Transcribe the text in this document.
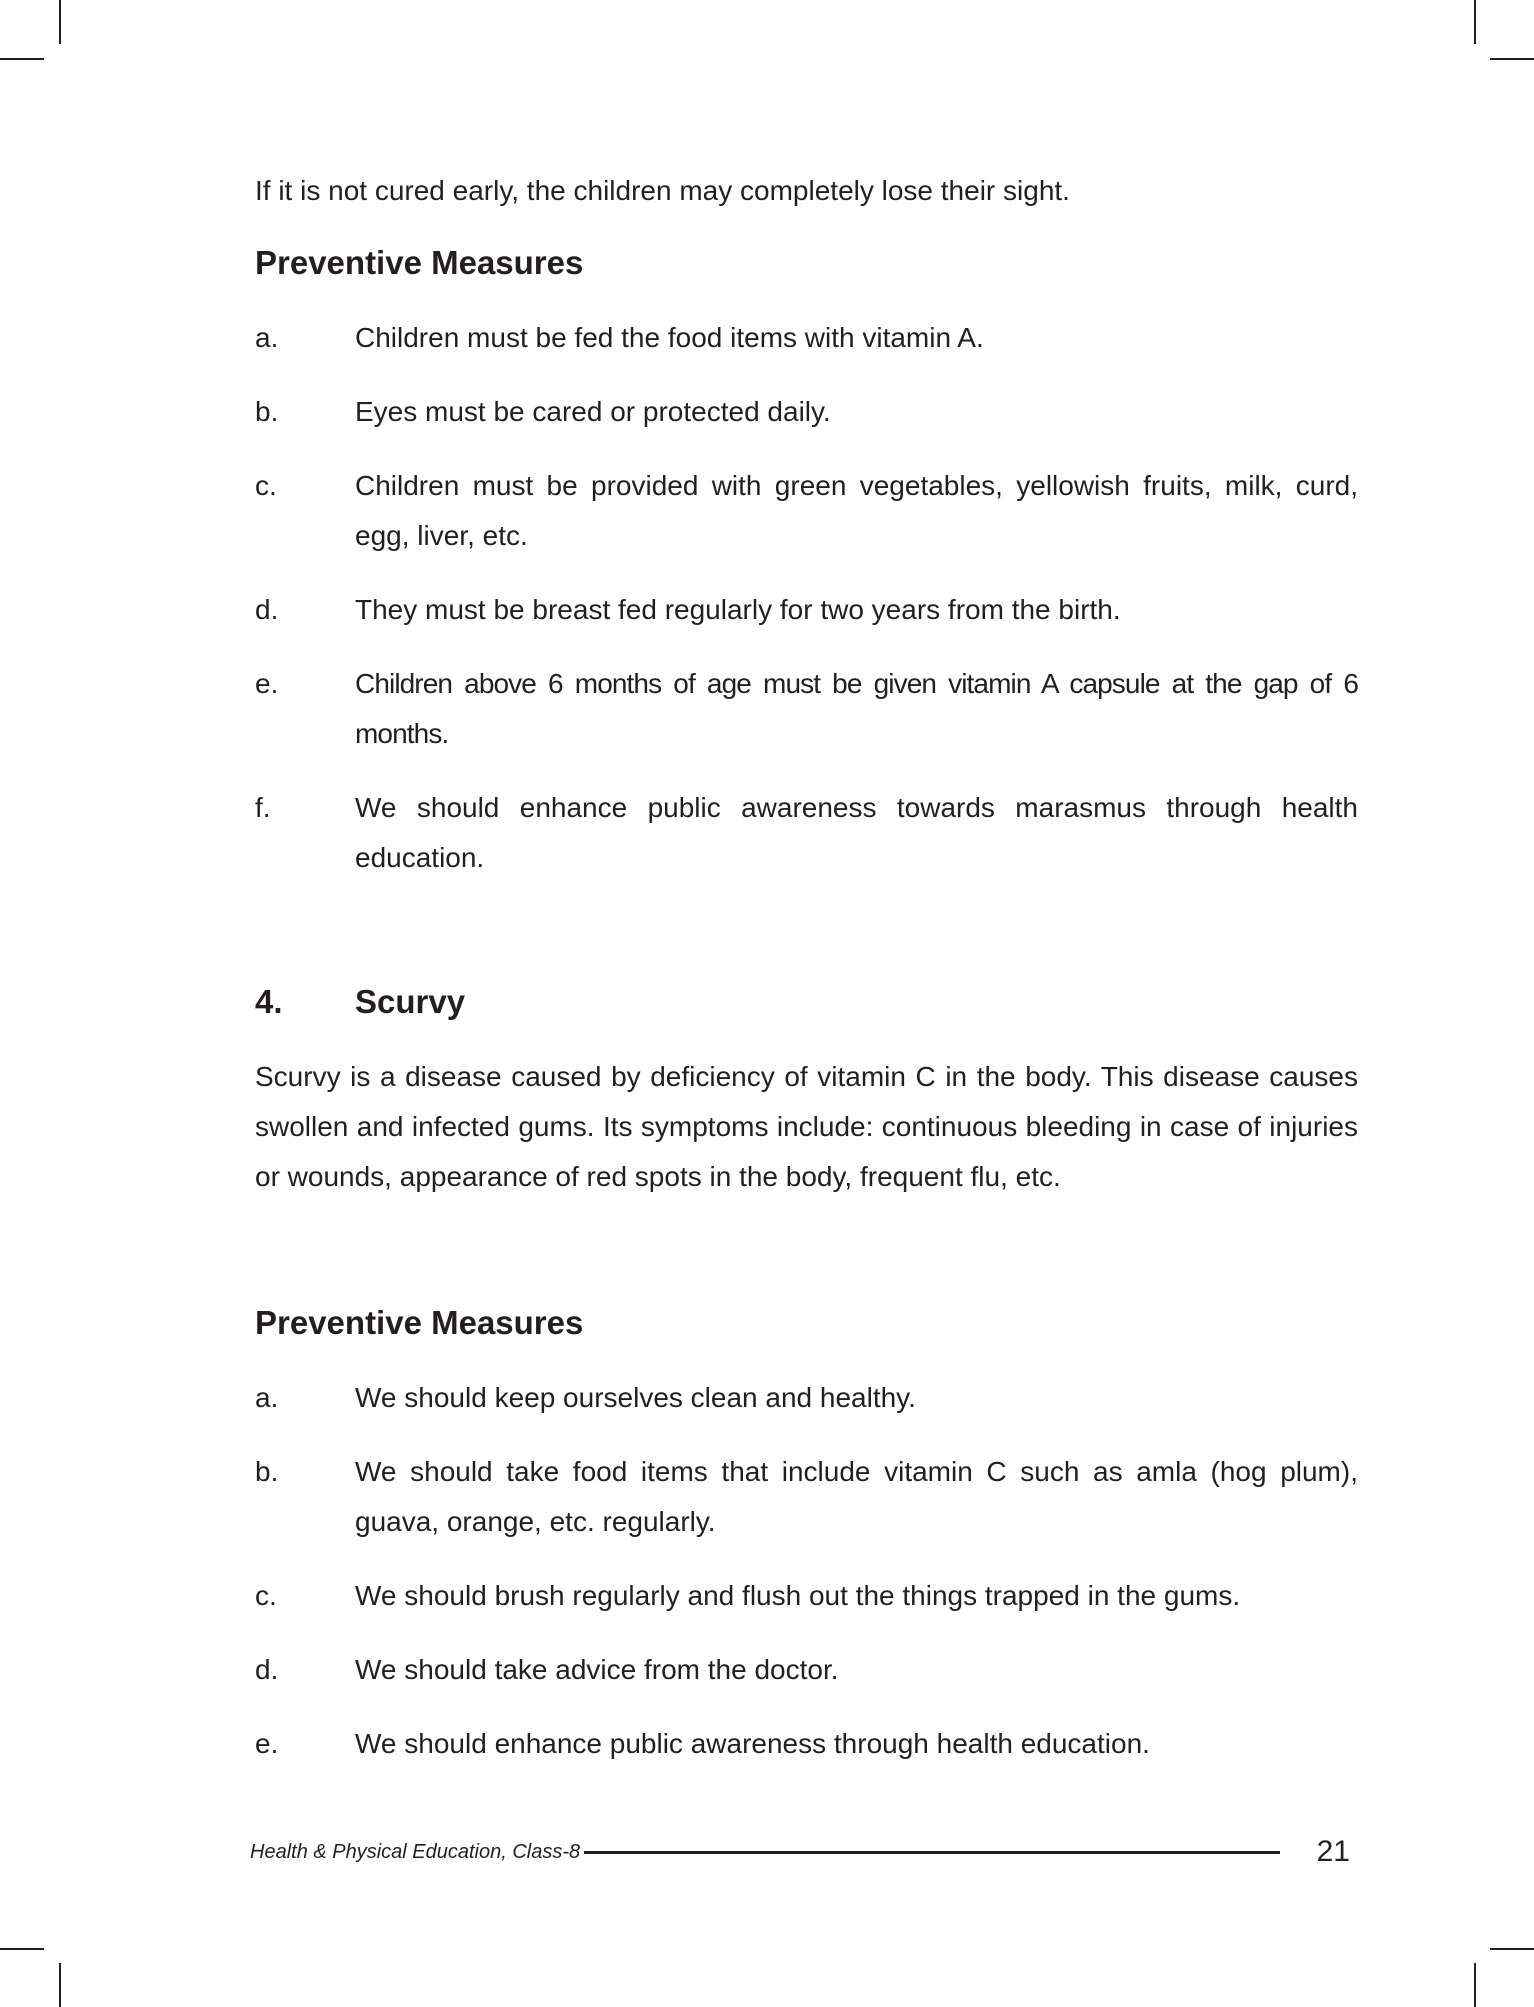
If it is not cured early, the children may completely lose their sight.

Preventive Measures
a.	Children must be fed the food items with vitamin A.
b.	Eyes must be cared or protected daily.
c.	Children must be provided with green vegetables, yellowish fruits, milk, curd, egg, liver, etc.
d.	They must be breast fed regularly for two years from the birth.
e.	Children above 6 months of age must be given vitamin A capsule at the gap of 6 months.
f.	We should enhance public awareness towards marasmus through health education.
4.	Scurvy

Scurvy is a disease caused by deficiency of vitamin C in the body. This disease causes swollen and infected gums. Its symptoms include: continuous bleeding in case of injuries or wounds, appearance of red spots in the body, frequent flu, etc.

Preventive Measures
a.	We should keep ourselves clean and healthy.
b.	We should take food items that include vitamin C such as amla (hog plum), guava, orange, etc. regularly.
c.	We should brush regularly and flush out the things trapped in the gums.
d.	We should take advice from the doctor.
e.	We should enhance public awareness through health education.
Health & Physical Education, Class-8	21
